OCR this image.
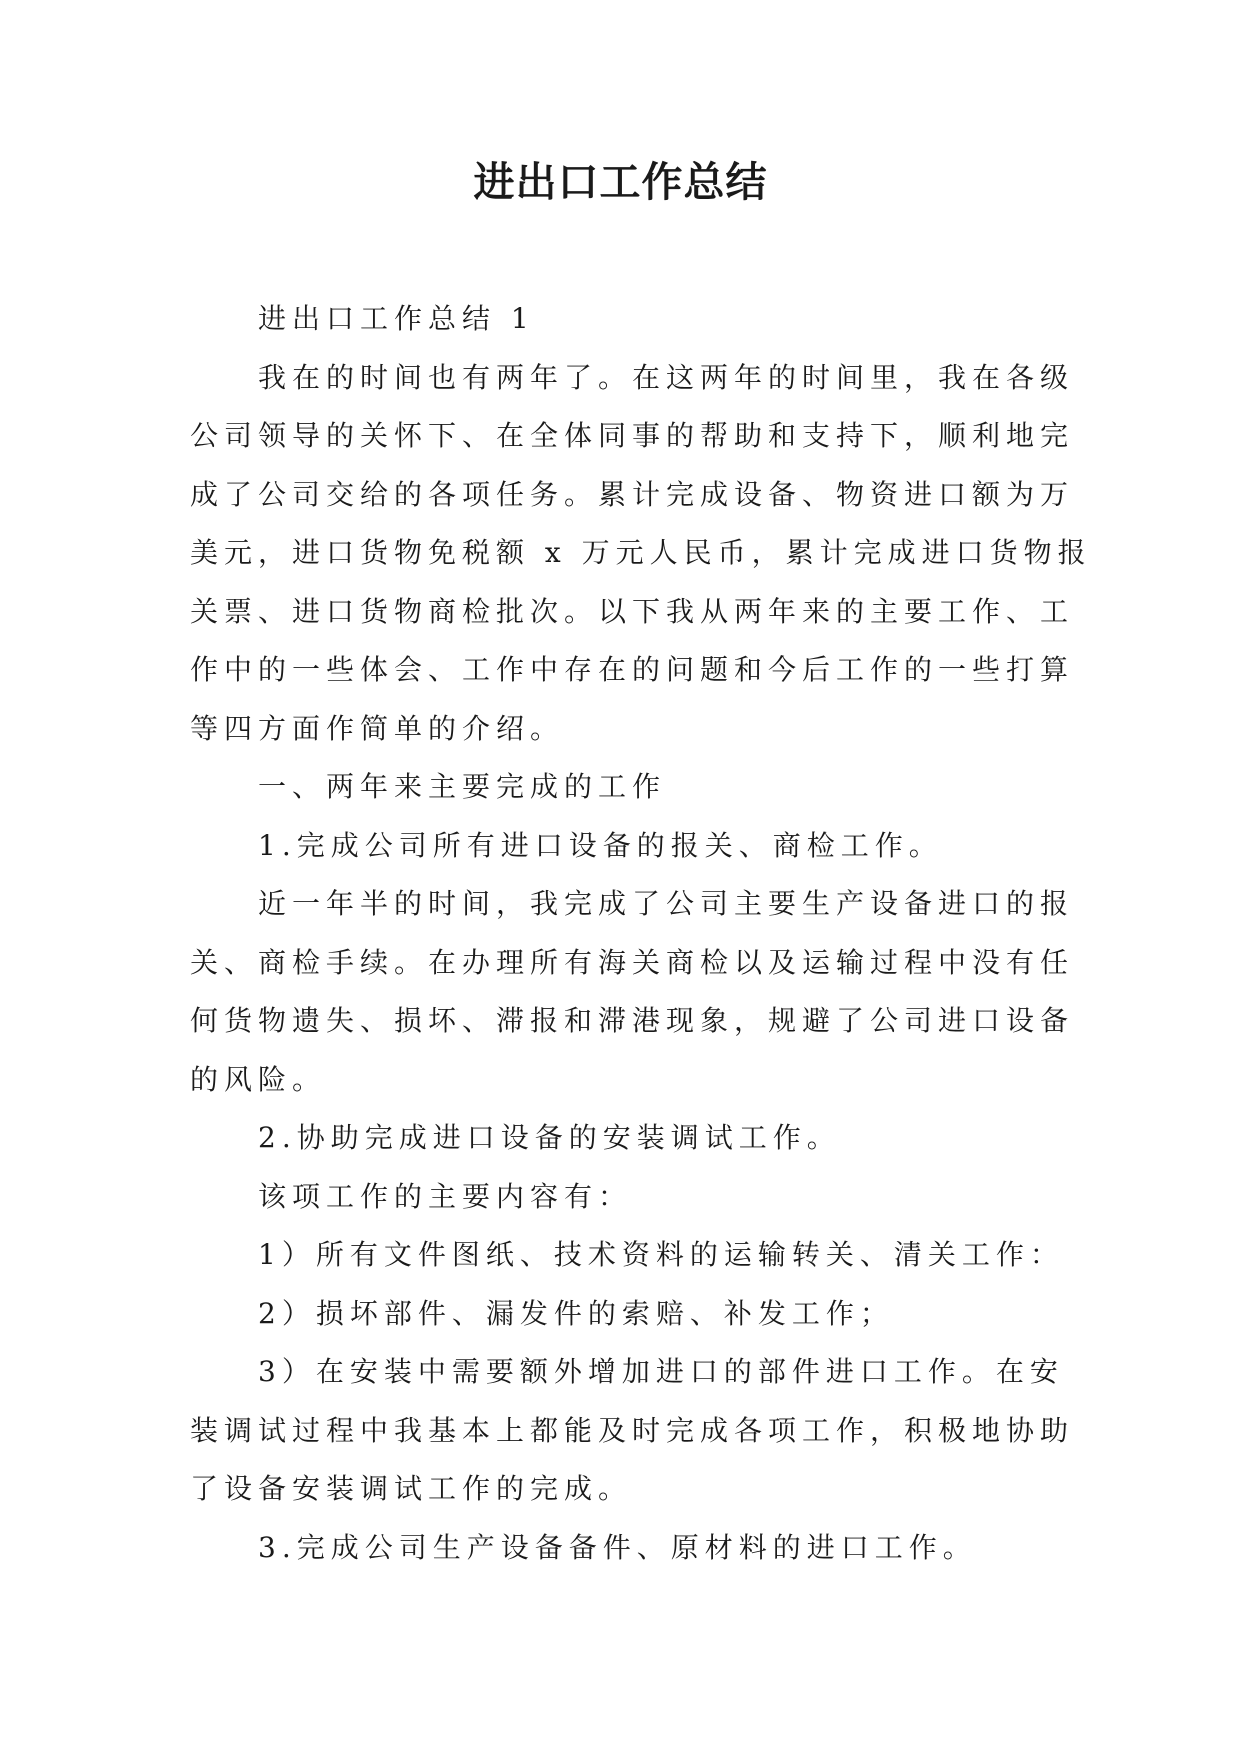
进出口工作总结
进出口工作总结 1
我在的时间也有两年了。在这两年的时间里，我在各级
公司领导的关怀下、在全体同事的帮助和支持下，顺利地完
成了公司交给的各项任务。累计完成设备、物资进口额为万
美元，进口货物免税额 x 万元人民币，累计完成进口货物报
关票、进口货物商检批次。以下我从两年来的主要工作、工
作中的一些体会、工作中存在的问题和今后工作的一些打算
等四方面作简单的介绍。
一、两年来主要完成的工作
1.完成公司所有进口设备的报关、商检工作。
近一年半的时间，我完成了公司主要生产设备进口的报
关、商检手续。在办理所有海关商检以及运输过程中没有任
何货物遗失、损坏、滞报和滞港现象，规避了公司进口设备
的风险。
2.协助完成进口设备的安装调试工作。
该项工作的主要内容有：
1）所有文件图纸、技术资料的运输转关、清关工作：
2）损坏部件、漏发件的索赔、补发工作；
3）在安装中需要额外增加进口的部件进口工作。在安
装调试过程中我基本上都能及时完成各项工作，积极地协助
了设备安装调试工作的完成。
3.完成公司生产设备备件、原材料的进口工作。
